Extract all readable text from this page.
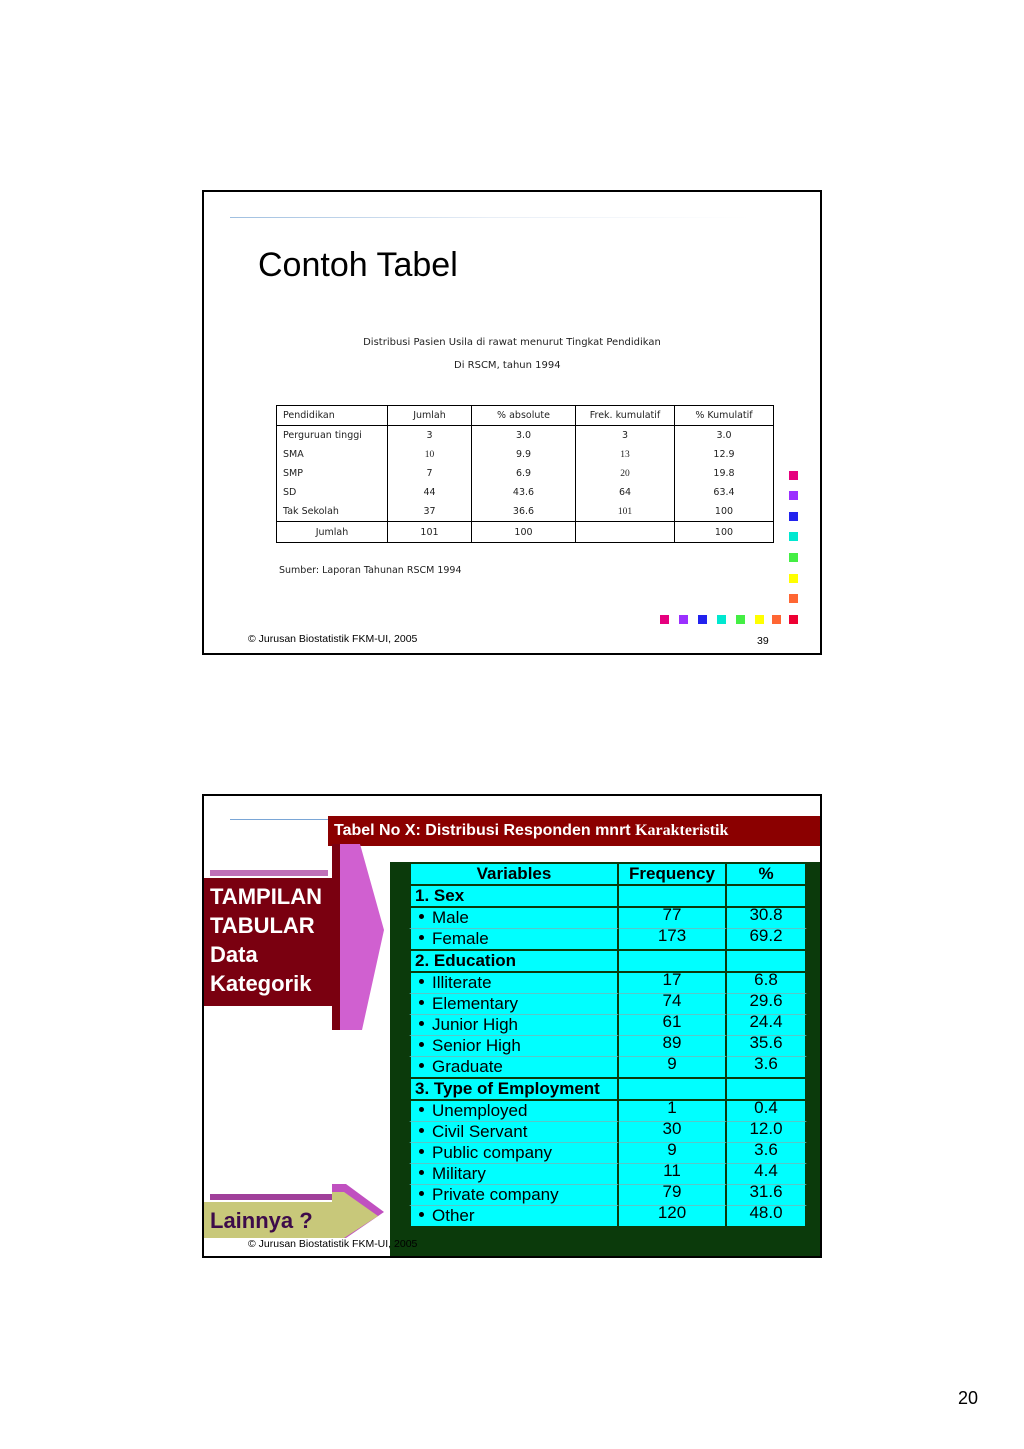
Contoh Tabel
Distribusi Pasien Usila di rawat menurut Tingkat Pendidikan
Di RSCM, tahun 1994
Pendidikan	Jumlah	% absolute	Frek. kumulatif	% Kumulatif
Perguruan tinggi	3	3.0	3	3.0
SMA	10	9.9	13	12.9
SMP	7	6.9	20	19.8
SD	44	43.6	64	63.4
Tak Sekolah	37	36.6	101	100
Jumlah	101	100		100
Sumber: Laporan Tahunan RSCM 1994
© Jurusan Biostatistik FKM-UI, 2005	39
Tabel No X: Distribusi Responden mnrt Karakteristik
TAMPILAN
TABULAR
Data
Kategorik
Variables	Frequency	%
1. Sex		
Male	77	30.8
Female	173	69.2
2. Education		
Illiterate	17	6.8
Elementary	74	29.6
Junior High	61	24.4
Senior High	89	35.6
Graduate	9	3.6
3. Type of Employment		
Unemployed	1	0.4
Civil Servant	30	12.0
Public company	9	3.6
Military	11	4.4
Private company	79	31.6
Other	120	48.0
© Jurusan Biostatistik FKM-UI, 2005
Lainnya ?
20
